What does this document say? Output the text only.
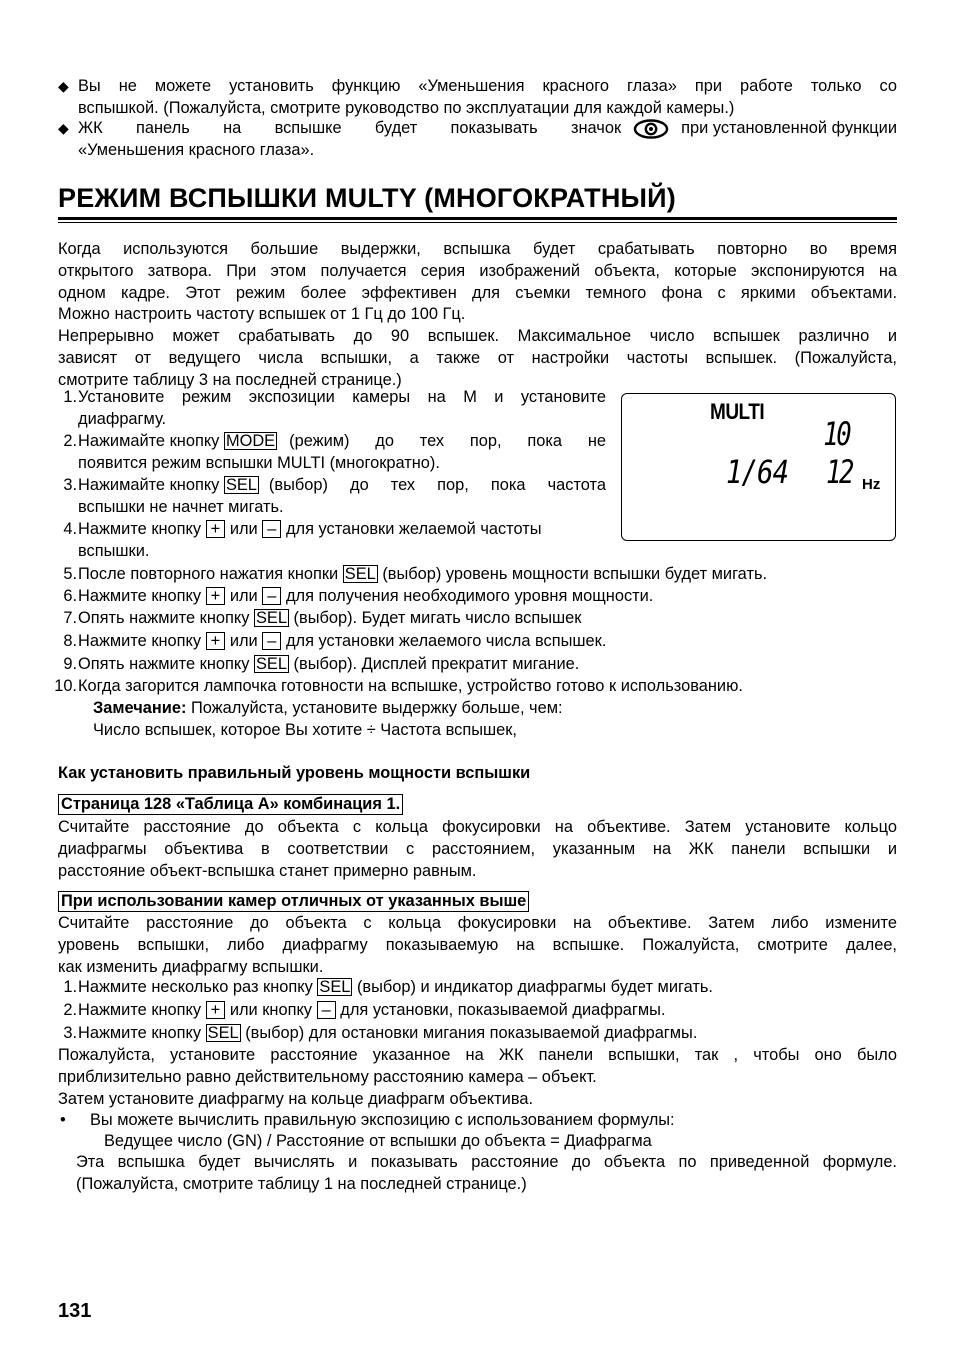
◆ Вы не можете установить функцию «Уменьшения красного глаза» при работе только со
вспышкой. (Пожалуйста, смотрите руководство по эксплуатации для каждой камеры.)
◆ ЖК панель на вспышке будет показывать значок	при установленной функции
«Уменьшения красного глаза».
РЕЖИМ ВСПЫШКИ MULTY (МНОГОКРАТНЫЙ)
Когда используются большие выдержки, вспышка будет срабатывать повторно во время
открытого затвора. При этом получается серия изображений объекта, которые экспонируются на
одном кадре. Этот режим более эффективен для съемки темного фона с яркими объектами.
Можно настроить частоту вспышек от 1 Гц до 100 Гц.
Непрерывно может срабатывать до 90 вспышек. Максимальное число вспышек различно и
зависят от ведущего числа вспышки, а также от настройки частоты вспышек. (Пожалуйста,
смотрите таблицу 3 на последней странице.)
1. Установите режим экспозиции камеры на М и установите
диафрагму.
2.Нажимайте кнопку MODE (режим) до тех пор, пока не
появится режим вспышки MULTI (многократно).
3.Нажимайте кнопку SEL (выбор) до тех пор, пока частота
вспышки не начнет мигать.
4.Нажмите кнопку + или – для установки желаемой частоты
вспышки.
MULTI
10
1/64 12 Hz
5.После повторного нажатия кнопки SEL (выбор) уровень мощности вспышки будет мигать.
6.Нажмите кнопку + или – для получения необходимого уровня мощности.
7.Опять нажмите кнопку SEL (выбор). Будет мигать число вспышек
8.Нажмите кнопку + или – для установки желаемого числа вспышек.
9.Опять нажмите кнопку SEL (выбор). Дисплей прекратит мигание.
10.Когда загорится лампочка готовности на вспышке, устройство готово к использованию.
Замечание: Пожалуйста, установите выдержку больше, чем:
Число вспышек, которое Вы хотите ÷ Частота вспышек,
Как установить правильный уровень мощности вспышки
Страница 128 «Таблица A» комбинация 1.
Считайте расстояние до объекта с кольца фокусировки на объективе. Затем установите кольцо
диафрагмы объектива в соответствии с расстоянием, указанным на ЖК панели вспышки и
расстояние объект-вспышка станет примерно равным.
При использовании камер отличных от указанных выше
Считайте расстояние до объекта с кольца фокусировки на объективе. Затем либо измените
уровень вспышки, либо диафрагму показываемую на вспышке. Пожалуйста, смотрите далее,
как изменить диафрагму вспышки.
1.Нажмите несколько раз кнопку SEL (выбор) и индикатор диафрагмы будет мигать.
2.Нажмите кнопку + или кнопку – для установки, показываемой диафрагмы.
3.Нажмите кнопку SEL (выбор) для остановки мигания показываемой диафрагмы.
Пожалуйста, установите расстояние указанное на ЖК панели вспышки, так , чтобы оно было
приблизительно равно действительному расстоянию камера – объект.
Затем установите диафрагму на кольце диафрагм объектива.
• Вы можете вычислить правильную экспозицию с использованием формулы:
Ведущее число (GN) / Расстояние от вспышки до объекта = Диафрагма
Эта вспышка будет вычислять и показывать расстояние до объекта по приведенной формуле.
(Пожалуйста, смотрите таблицу 1 на последней странице.)
131
